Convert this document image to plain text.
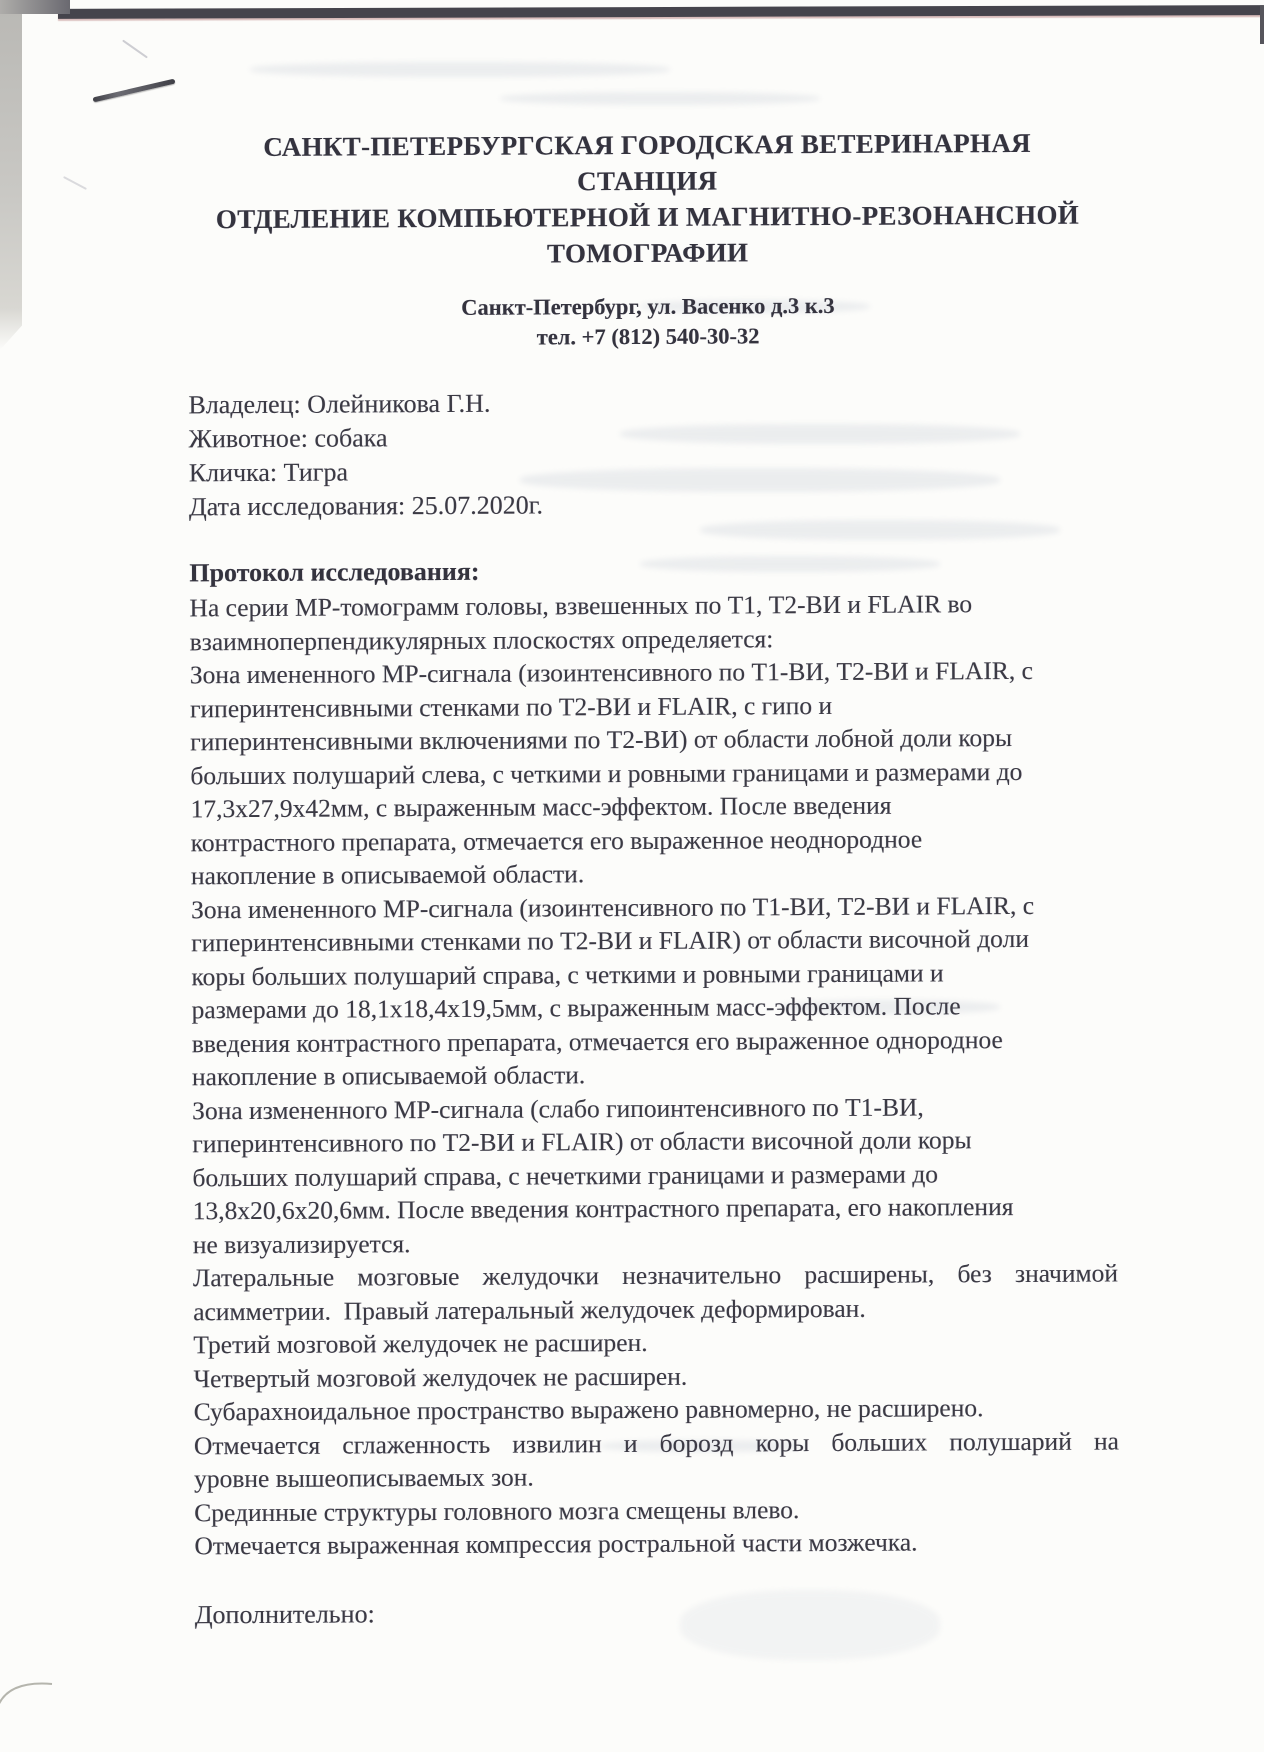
САНКТ-ПЕТЕРБУРГСКАЯ ГОРОДСКАЯ ВЕТЕРИНАРНАЯ
СТАНЦИЯ
ОТДЕЛЕНИЕ КОМПЬЮТЕРНОЙ И МАГНИТНО-РЕЗОНАНСНОЙ
ТОМОГРАФИИ
Санкт-Петербург, ул. Васенко д.3 к.3
тел. +7 (812) 540-30-32
Владелец: Олейникова Г.Н.
Животное: собака
Кличка: Тигра
Дата исследования: 25.07.2020г.
Протокол исследования:
На серии МР-томограмм головы, взвешенных по Т1, Т2-ВИ и FLAIR во
взаимноперпендикулярных плоскостях определяется:
Зона имененного МР-сигнала (изоинтенсивного по Т1-ВИ, Т2-ВИ и FLAIR, с
гиперинтенсивными стенками по Т2-ВИ и FLAIR, с гипо и
гиперинтенсивными включениями по Т2-ВИ) от области лобной доли коры
больших полушарий слева, с четкими и ровными границами и размерами до
17,3х27,9х42мм, с выраженным масс-эффектом. После введения
контрастного препарата, отмечается его выраженное неоднородное
накопление в описываемой области.
Зона имененного МР-сигнала (изоинтенсивного по Т1-ВИ, Т2-ВИ и FLAIR, с
гиперинтенсивными стенками по Т2-ВИ и FLAIR) от области височной доли
коры больших полушарий справа, с четкими и ровными границами и
размерами до 18,1х18,4х19,5мм, с выраженным масс-эффектом. После
введения контрастного препарата, отмечается его выраженное однородное
накопление в описываемой области.
Зона измененного МР-сигнала (слабо гипоинтенсивного по Т1-ВИ,
гиперинтенсивного по Т2-ВИ и FLAIR) от области височной доли коры
больших полушарий справа, с нечеткими границами и размерами до
13,8х20,6х20,6мм. После введения контрастного препарата, его накопления
не визуализируется.
Латеральные мозговые желудочки незначительно расширены, без значимой
асимметрии.  Правый латеральный желудочек деформирован.
Третий мозговой желудочек не расширен.
Четвертый мозговой желудочек не расширен.
Субарахноидальное пространство выражено равномерно, не расширено.
Отмечается сглаженность извилин и борозд коры больших полушарий на
уровне вышеописываемых зон.
Срединные структуры головного мозга смещены влево.
Отмечается выраженная компрессия ростральной части мозжечка.
Дополнительно:
